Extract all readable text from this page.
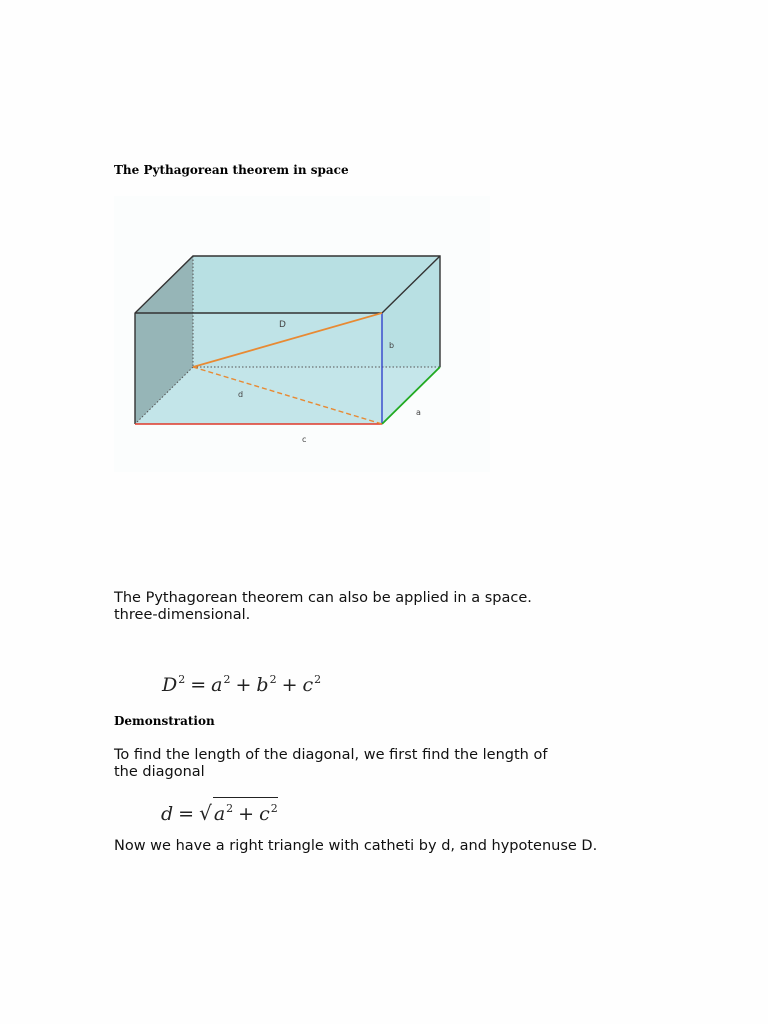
The Pythagorean theorem in space
D
b
d
a
c
The Pythagorean theorem can also be applied in a space.
three-dimensional.
$D^2 = a^2 + b^2 + c^2$
Demonstration
To find the length of the diagonal, we first find the length of
the diagonal
d = √ $a^2 + c^2$
Now we have a right triangle with catheti by d, and hypotenuse D.
